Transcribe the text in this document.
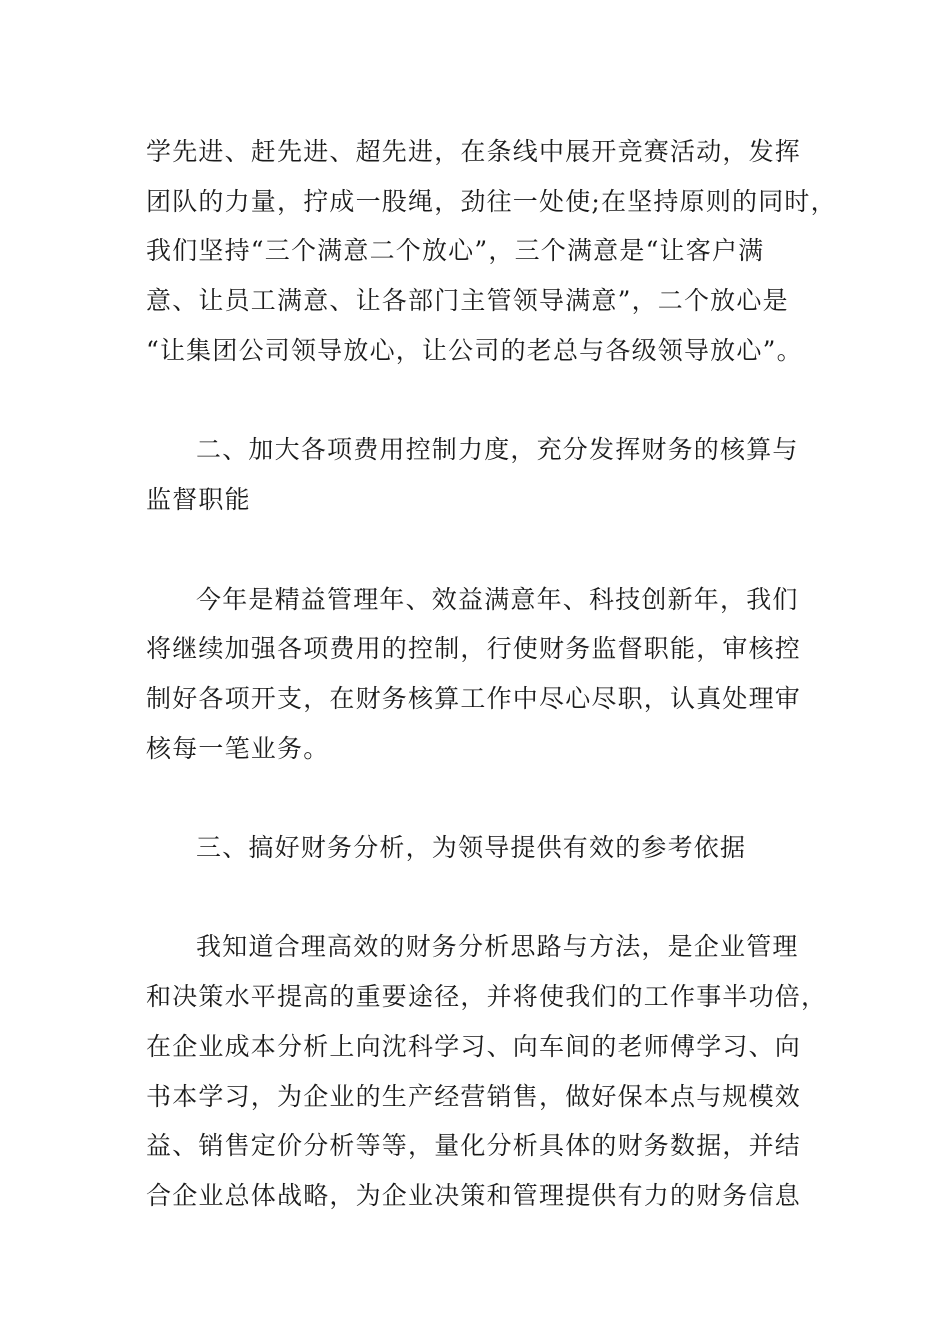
学先进、赶先进、超先进，在条线中展开竞赛活动，发挥

团队的力量，拧成一股绳，劲往一处使;在坚持原则的同时，

我们坚持“三个满意二个放心”，三个满意是“让客户满

意、让员工满意、让各部门主管领导满意”，二个放心是

“让集团公司领导放心，让公司的老总与各级领导放心”。

二、加大各项费用控制力度，充分发挥财务的核算与

监督职能

今年是精益管理年、效益满意年、科技创新年，我们

将继续加强各项费用的控制，行使财务监督职能，审核控

制好各项开支，在财务核算工作中尽心尽职，认真处理审

核每一笔业务。

三、搞好财务分析，为领导提供有效的参考依据

我知道合理高效的财务分析思路与方法，是企业管理

和决策水平提高的重要途径，并将使我们的工作事半功倍，

在企业成本分析上向沈科学习、向车间的老师傅学习、向

书本学习，为企业的生产经营销售，做好保本点与规模效

益、销售定价分析等等，量化分析具体的财务数据，并结

合企业总体战略，为企业决策和管理提供有力的财务信息
